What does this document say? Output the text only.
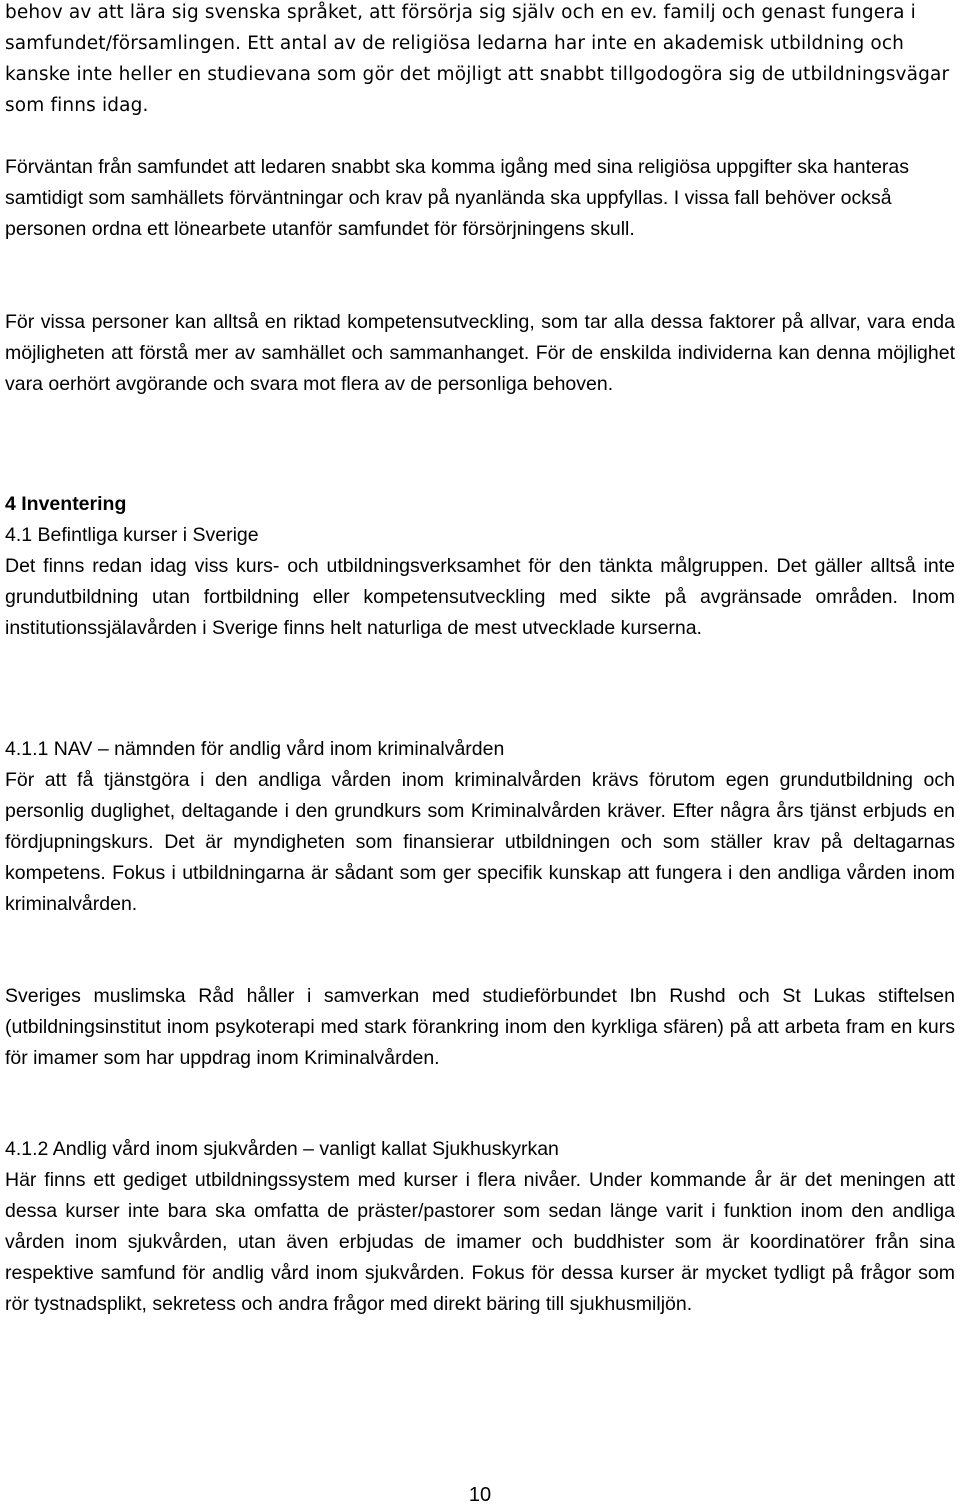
behov av att lära sig svenska språket, att försörja sig själv och en ev. familj och genast fungera i samfundet/församlingen. Ett antal av de religiösa ledarna har inte en akademisk utbildning och kanske inte heller en studievana som gör det möjligt att snabbt tillgodogöra sig de utbildningsvägar som finns idag.

Förväntan från samfundet att ledaren snabbt ska komma igång med sina religiösa uppgifter ska hanteras samtidigt som samhällets förväntningar och krav på nyanlända ska uppfyllas. I vissa fall behöver också personen ordna ett lönearbete utanför samfundet för försörjningens skull.

För vissa personer kan alltså en riktad kompetensutveckling, som tar alla dessa faktorer på allvar, vara enda möjligheten att förstå mer av samhället och sammanhanget. För de enskilda individerna kan denna möjlighet vara oerhört avgörande och svara mot flera av de personliga behoven.

4 Inventering

4.1 Befintliga kurser i Sverige

Det finns redan idag viss kurs- och utbildningsverksamhet för den tänkta målgruppen. Det gäller alltså inte grundutbildning utan fortbildning eller kompetensutveckling med sikte på avgränsade områden. Inom institutionssjälavården i Sverige finns helt naturliga de mest utvecklade kurserna.

4.1.1 NAV – nämnden för andlig vård inom kriminalvården

För att få tjänstgöra i den andliga vården inom kriminalvården krävs förutom egen grundutbildning och personlig duglighet, deltagande i den grundkurs som Kriminalvården kräver. Efter några års tjänst erbjuds en fördjupningskurs. Det är myndigheten som finansierar utbildningen och som ställer krav på deltagarnas kompetens. Fokus i utbildningarna är sådant som ger specifik kunskap att fungera i den andliga vården inom kriminalvården.

Sveriges muslimska Råd håller i samverkan med studieförbundet Ibn Rushd och St Lukas stiftelsen (utbildningsinstitut inom psykoterapi med stark förankring inom den kyrkliga sfären) på att arbeta fram en kurs för imamer som har uppdrag inom Kriminalvården.

4.1.2 Andlig vård inom sjukvården – vanligt kallat Sjukhuskyrkan

Här finns ett gediget utbildningssystem med kurser i flera nivåer. Under kommande år är det meningen att dessa kurser inte bara ska omfatta de präster/pastorer som sedan länge varit i funktion inom den andliga vården inom sjukvården, utan även erbjudas de imamer och buddhister som är koordinatörer från sina respektive samfund för andlig vård inom sjukvården. Fokus för dessa kurser är mycket tydligt på frågor som rör tystnadsplikt, sekretess och andra frågor med direkt bäring till sjukhusmiljön.

10
